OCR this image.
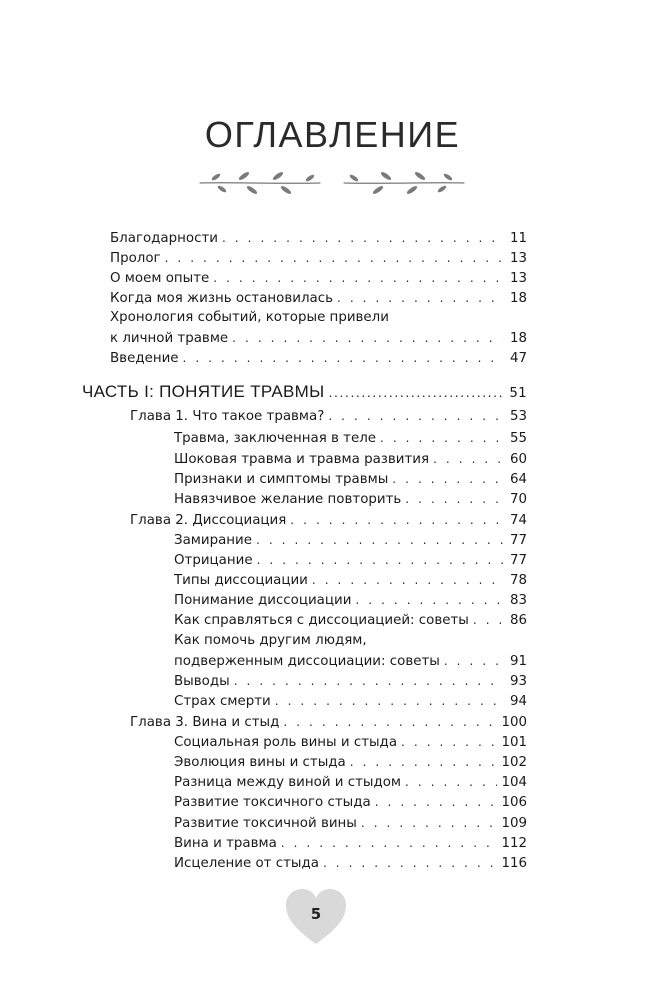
ОГЛАВЛЕНИЕ
Благодарности . . .	11
Пролог . . .	13
О моем опыте . . .	13
Когда моя жизнь остановилась . . .	18
Хронология событий, которые привели
к личной травме . . .	18
Введение . . .	47
ЧАСТЬ I: ПОНЯТИЕ ТРАВМЫ .....	51
Глава 1. Что такое травма? . . .	53
Травма, заключенная в теле . . .	55
Шоковая травма и травма развития . . .	60
Признаки и симптомы травмы . . .	64
Навязчивое желание повторить . . .	70
Глава 2. Диссоциация . . .	74
Замирание . . .	77
Отрицание . . .	77
Типы диссоциации . . .	78
Понимание диссоциации . . .	83
Как справляться с диссоциацией: советы . . .	86
Как помочь другим людям,
подверженным диссоциации: советы . . .	91
Выводы . . .	93
Страх смерти . . .	94
Глава 3. Вина и стыд . . .	100
Социальная роль вины и стыда . . .	101
Эволюция вины и стыда . . .	102
Разница между виной и стыдом . . .	104
Развитие токсичного стыда . . .	106
Развитие токсичной вины . . .	109
Вина и травма . . .	112
Исцеление от стыда . . .	116
5
